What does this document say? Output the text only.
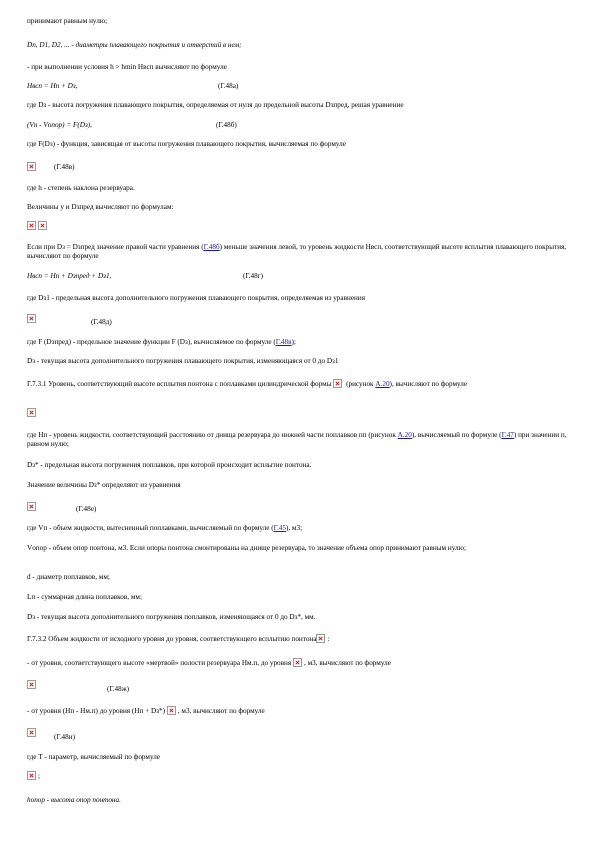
принимают равным нулю;
Dп, D1, D2, ... - диаметры плавающего покрытия и отверстий в нем;
- при выполнении условия h > hmin Hвсп вычисляют по формуле
Hвсп = Hп + Dз,	(Г.48а)
где Dз - высота погружения плавающего покрытия, определяемая от нуля до предельной высоты Dзпред, решая уравнение
(Vп - Vопор) = F(Dз),	(Г.48б)
где F(Dз) - функция, зависящая от высоты погружения плавающего покрытия, вычисляемая по формуле
(Г.48в)
где h - степень наклона резервуара.
Величины y и Dзпред вычисляют по формулам:
Если при Dз = Dзпред значение правой части уравнения (Г.48б) меньше значения левой, то уровень жидкости Hвсп, соответствующий высоте всплытия плавающего покрытия, вычисляют по формуле
Hвсп = Hп + Dзпред + Dз1,	(Г.48г)
где Dз1 - предельная высота дополнительного погружения плавающего покрытия, определяемая из уравнения
(Г.48д)
где F (Dзпред) - предельное значение функции F (Dз), вычисляемое по формуле (Г.48в);
Dз - текущая высота дополнительного погружения плавающего покрытия, изменяющаяся от 0 до Dз1
Г.7.3.1 Уровень, соответствующий высоте всплытия понтона с поплавками цилиндрической формы (рисунок А.20), вычисляют по формуле
где Hп - уровень жидкости, соответствующий расстоянию от днища резервуара до нижней части поплавков пп (рисунок А.20), вычисляемый по формуле (Г.47) при значении п, равном нулю;
Dз* - предельная высота погружения поплавков, при которой происходит всплытие понтона.
Значение величины Dз* определяют из уравнения
(Г.48е)
где Vп - объем жидкости, вытесненный поплавками, вычисляемый по формуле (Г.45), м3;
Vопор - объем опор понтона, м3. Если опоры понтона смонтированы на днище резервуара, то значение объема опор принимают равным нулю;
d - диаметр поплавков, мм;
Lп - суммарная длина поплавков, мм;
Dз - текущая высота дополнительного погружения поплавков, изменяющаяся от 0 до Dз*, мм.
Г.7.3.2 Объем жидкости от исходного уровня до уровня, соответствующего всплытию понтона :
- от уровня, соответствующего высоте «мертвой» полости резервуара Hм.п, до уровня , м3, вычисляют по формуле
(Г.48ж)
- от уровня (Hп - Hм.п) до уровня (Hп + Dз*) , м3, вычисляют по формуле
(Г.48и)
где T - параметр, вычисляемый по формуле
;
hопор - высота опор понтона.
